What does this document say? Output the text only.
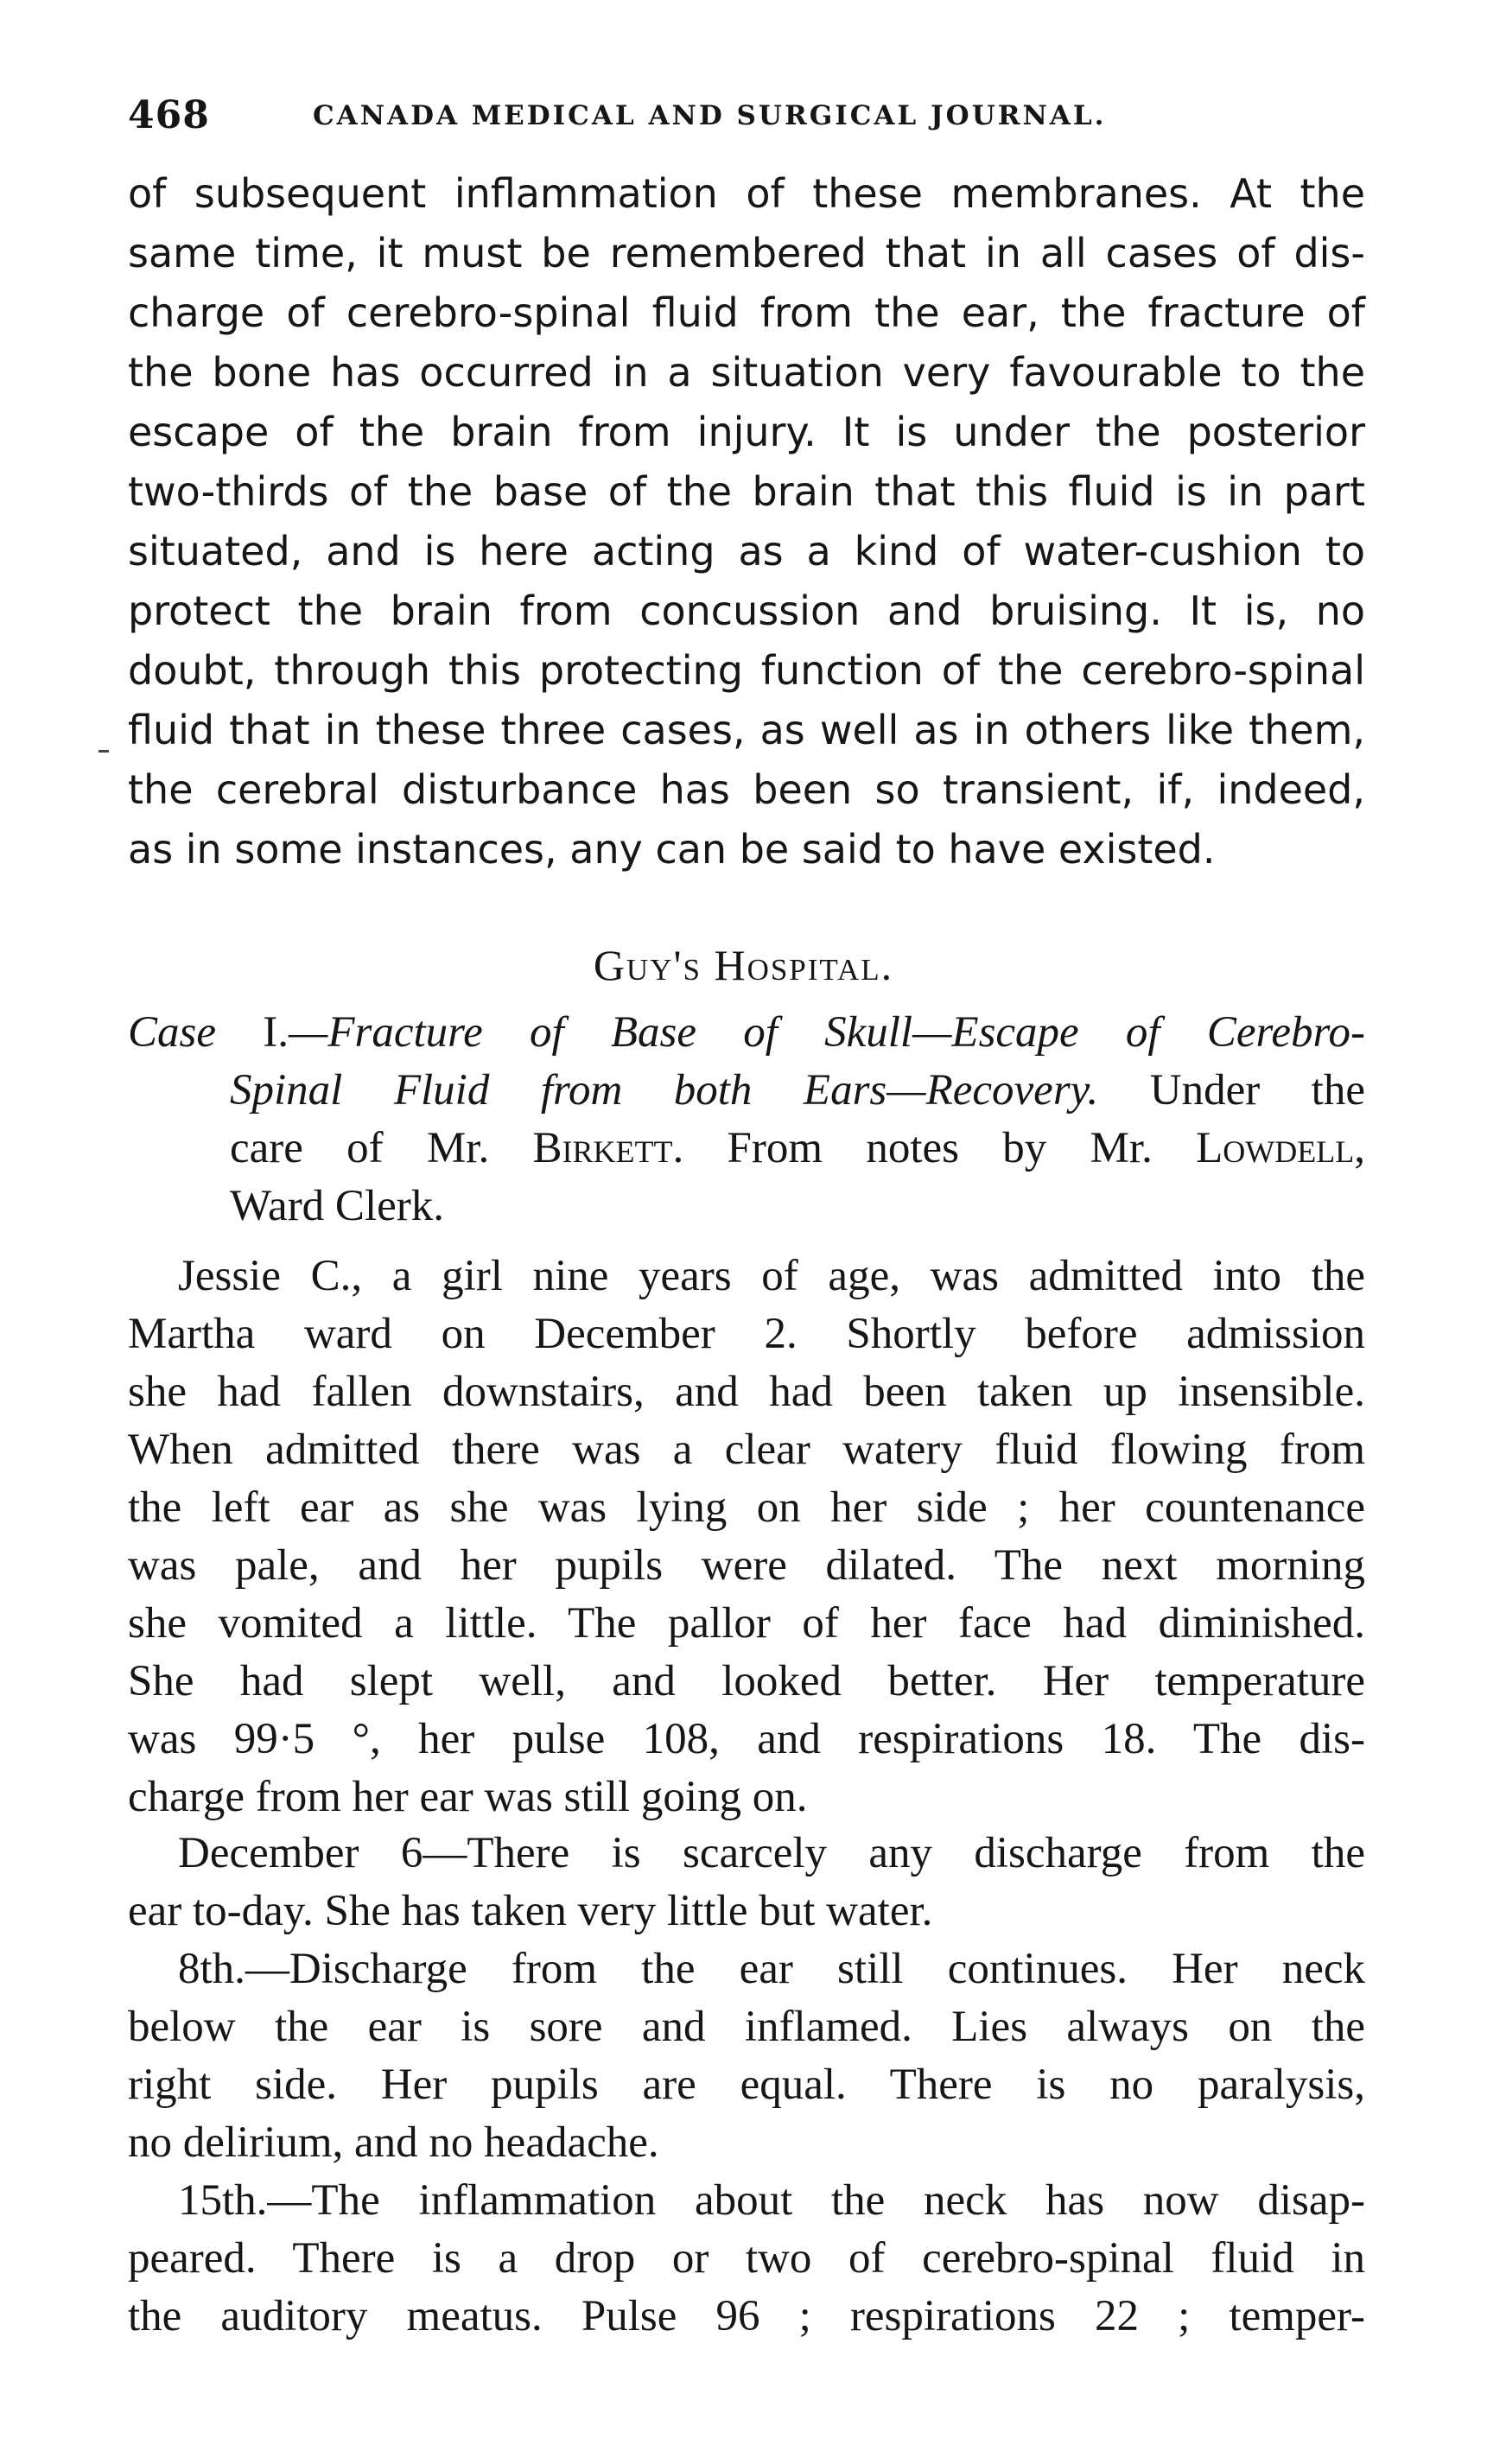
468	CANADA MEDICAL AND SURGICAL JOURNAL.
of subsequent inflammation of these membranes. At the
same time, it must be remembered that in all cases of dis-
charge of cerebro-spinal fluid from the ear, the fracture of
the bone has occurred in a situation very favourable to the
escape of the brain from injury. It is under the posterior
two-thirds of the base of the brain that this fluid is in part
situated, and is here acting as a kind of water-cushion to
protect the brain from concussion and bruising. It is, no
doubt, through this protecting function of the cerebro-spinal
fluid that in these three cases, as well as in others like them,
the cerebral disturbance has been so transient, if, indeed,
as in some instances, any can be said to have existed.
Guy's Hospital.
Case I.—Fracture of Base of Skull—Escape of Cerebro-
Spinal Fluid from both Ears—Recovery. Under the
care of Mr. Birkett. From notes by Mr. Lowdell,
Ward Clerk.
Jessie C., a girl nine years of age, was admitted into the
Martha ward on December 2. Shortly before admission
she had fallen downstairs, and had been taken up insensible.
When admitted there was a clear watery fluid flowing from
the left ear as she was lying on her side ; her countenance
was pale, and her pupils were dilated. The next morning
she vomited a little. The pallor of her face had diminished.
She had slept well, and looked better. Her temperature
was 99·5 °, her pulse 108, and respirations 18. The dis-
charge from her ear was still going on.
December 6—There is scarcely any discharge from the
ear to-day. She has taken very little but water.
8th.—Discharge from the ear still continues. Her neck
below the ear is sore and inflamed. Lies always on the
right side. Her pupils are equal. There is no paralysis,
no delirium, and no headache.
15th.—The inflammation about the neck has now disap-
peared. There is a drop or two of cerebro-spinal fluid in
the auditory meatus. Pulse 96 ; respirations 22 ; temper-
